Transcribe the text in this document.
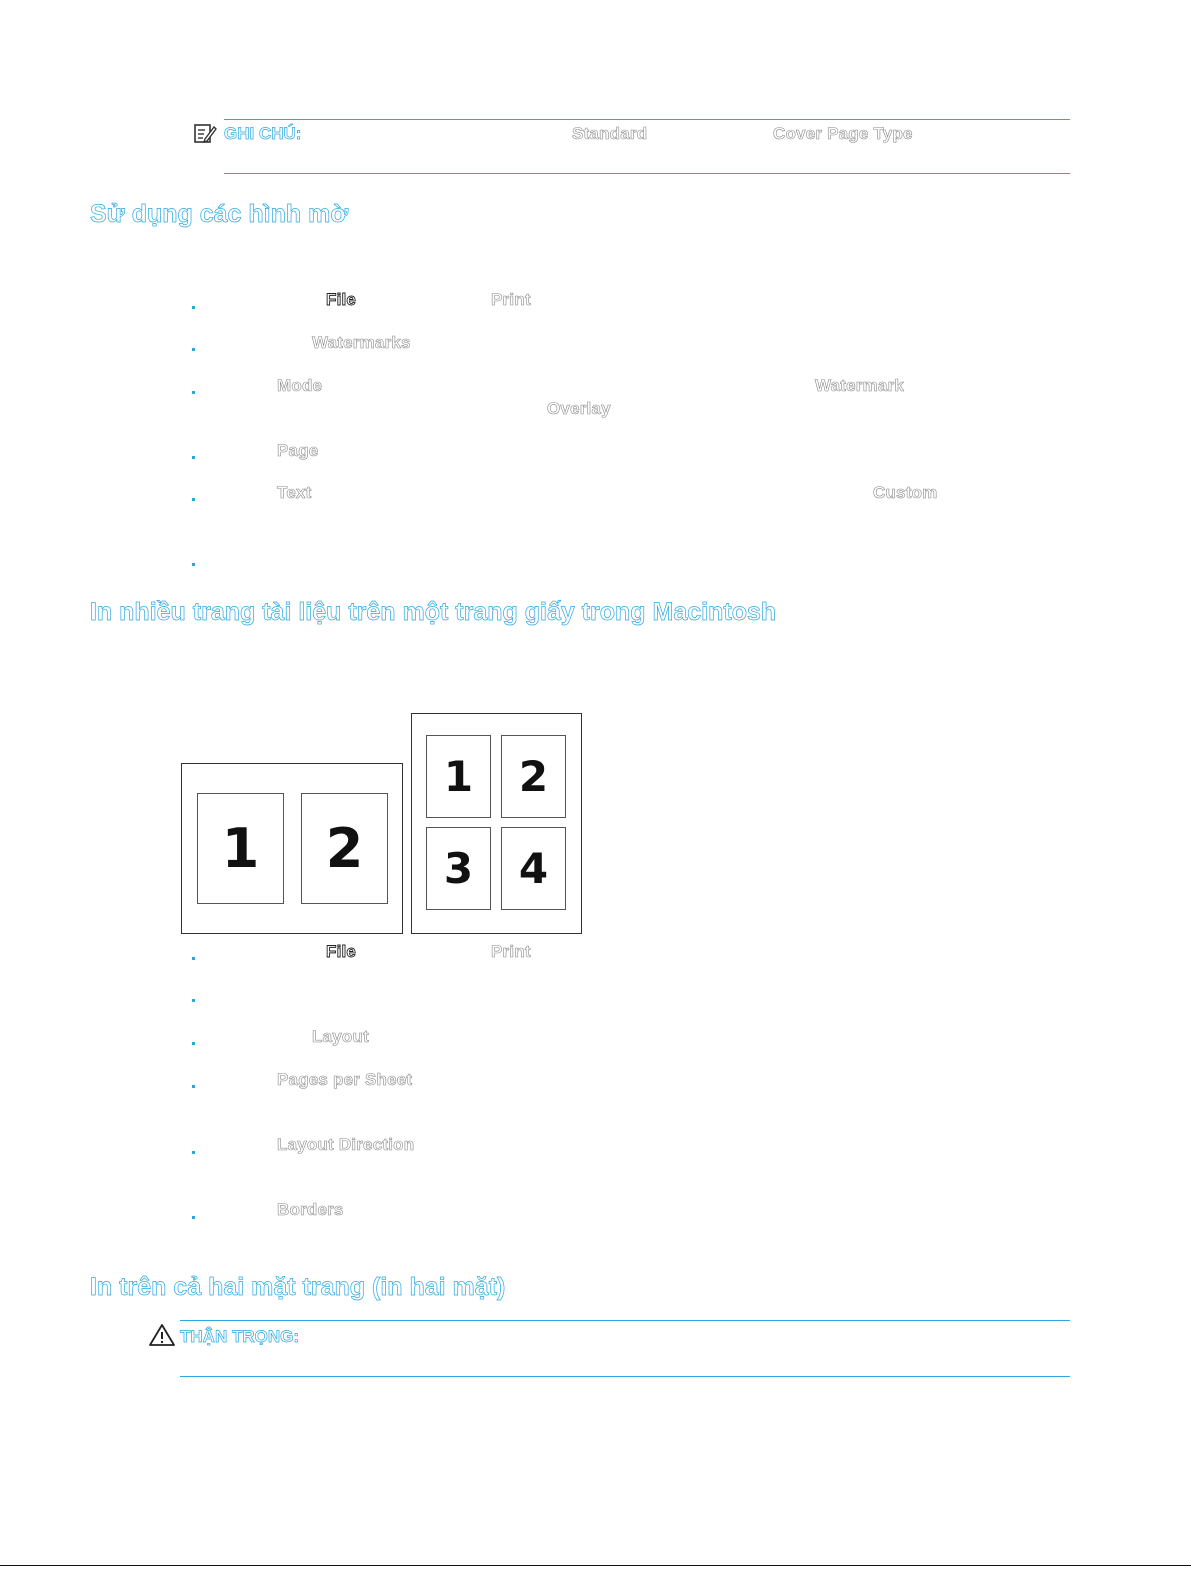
GHI CHÚ:	Standard	Cover Page Type
Sử dụng các hình mờ
File	Print
Watermarks
Mode	Watermark
Overlay
Page
Text	Custom
In nhiều trang tài liệu trên một trang giấy trong Macintosh
1	2
1	2
3	4
File	Print
Layout
Pages per Sheet
Layout Direction
Borders
In trên cả hai mặt trang (in hai mặt)
THẬN TRỌNG:
